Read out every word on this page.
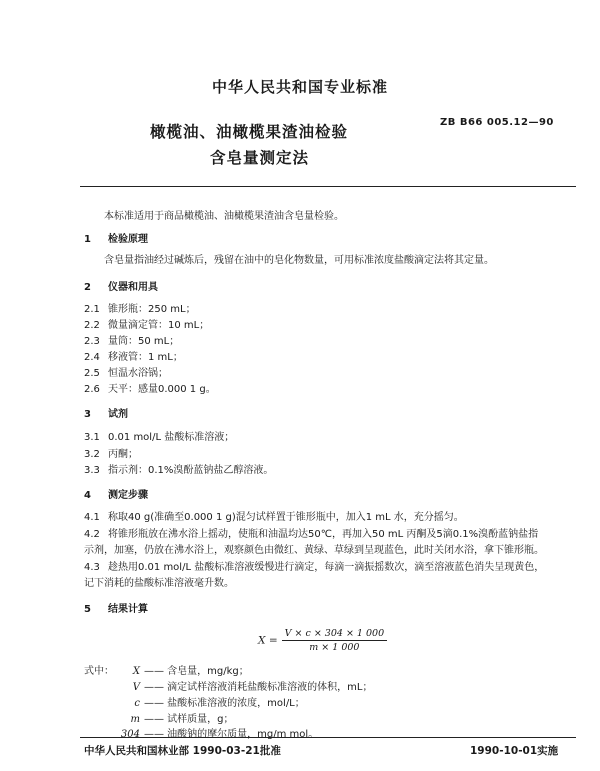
中华人民共和国专业标准
橄榄油、油橄榄果渣油检验
含皂量测定法
ZB B66 005.12—90
本标准适用于商品橄榄油、油橄榄果渣油含皂量检验。
1 检验原理
含皂量指油经过碱炼后，残留在油中的皂化物数量，可用标准浓度盐酸滴定法将其定量。
2 仪器和用具
2.1 锥形瓶：250 mL；
2.2 微量滴定管：10 mL；
2.3 量筒：50 mL；
2.4 移液管：1 mL；
2.5 恒温水浴锅；
2.6 天平：感量0.000 1 g。
3 试剂
3.1 0.01 mol/L 盐酸标准溶液；
3.2 丙酮；
3.3 指示剂：0.1%溴酚蓝钠盐乙醇溶液。
4 测定步骤
4.1 称取40 g(准确至0.000 1 g)混匀试样置于锥形瓶中，加入1 mL 水，充分摇匀。
4.2 将锥形瓶放在沸水浴上摇动，使瓶和油温均达50℃，再加入50 mL 丙酮及5滴0.1%溴酚蓝钠盐指
示剂，加塞，仍放在沸水浴上，观察颜色由微红、黄绿、草绿到呈现蓝色，此时关闭水浴，拿下锥形瓶。
4.3 趁热用0.01 mol/L 盐酸标准溶液缓慢进行滴定，每滴一滴振摇数次，滴至溶液蓝色消失呈现黄色，
记下消耗的盐酸标准溶液毫升数。
5 结果计算
$X = \frac{V \times c \times 304 \times 1 000}{m \times 1 000}$
式中： X —— 含皂量，mg/kg；
V —— 滴定试样溶液消耗盐酸标准溶液的体积，mL；
c —— 盐酸标准溶液的浓度，mol/L；
m —— 试样质量，g；
304 —— 油酸钠的摩尔质量，mg/m mol。
中华人民共和国林业部 1990-03-21批准	1990-10-01实施
